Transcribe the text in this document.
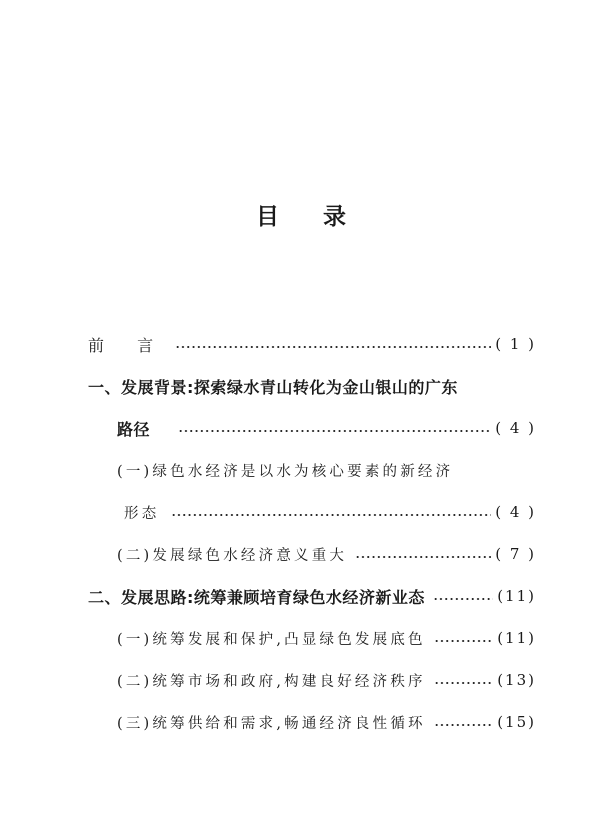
目 录
前 言	( 1 )
一、发展背景:探索绿水青山转化为金山银山的广东
路径	( 4 )
(一)绿色水经济是以水为核心要素的新经济
形态	( 4 )
(二)发展绿色水经济意义重大	( 7 )
二、发展思路:统筹兼顾培育绿色水经济新业态	(11)
(一)统筹发展和保护,凸显绿色发展底色	(11)
(二)统筹市场和政府,构建良好经济秩序	(13)
(三)统筹供给和需求,畅通经济良性循环	(15)
